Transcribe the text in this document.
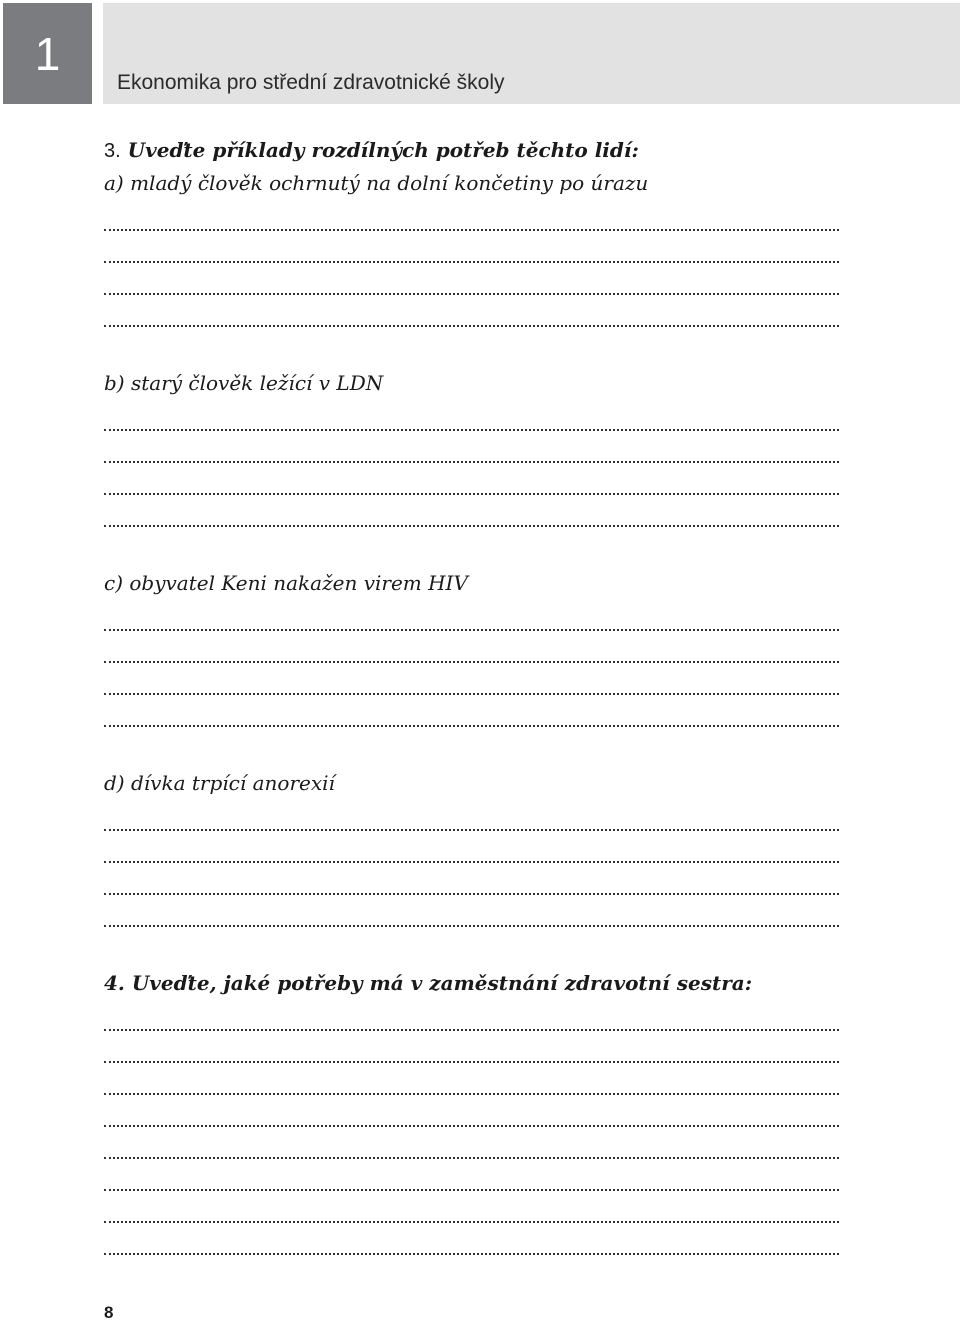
1
Ekonomika pro střední zdravotnické školy
3. Uveďte příklady rozdílných potřeb těchto lidí:
a) mladý člověk ochrnutý na dolní končetiny po úrazu
b) starý člověk ležící v LDN
c) obyvatel Keni nakažen virem HIV
d) dívka trpící anorexií
4. Uveďte, jaké potřeby má v zaměstnání zdravotní sestra:
8
